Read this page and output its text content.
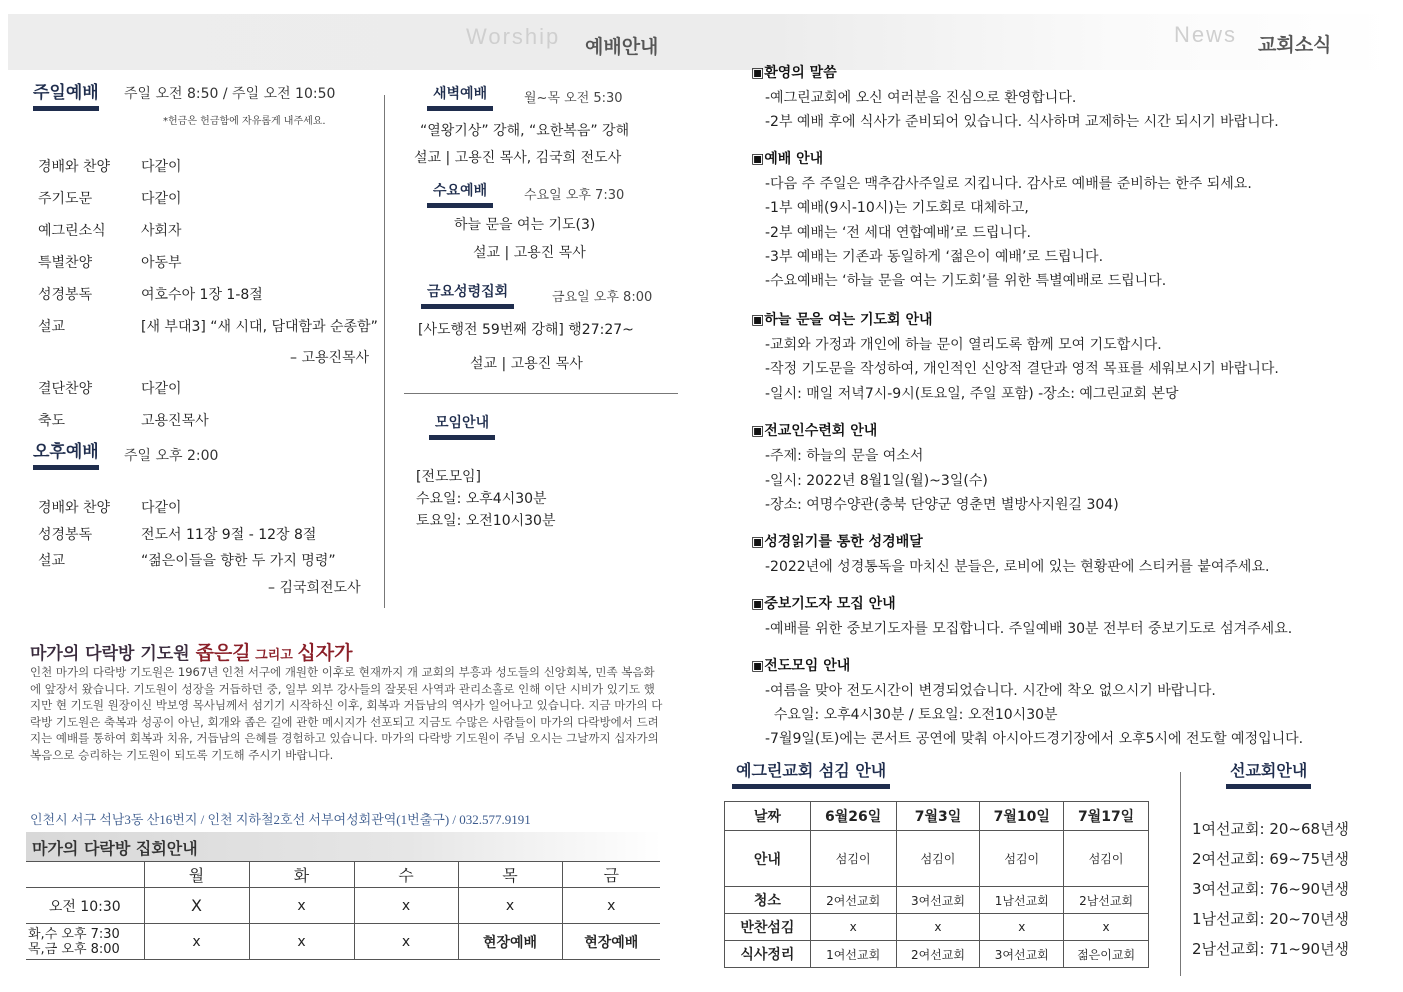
Worship 예배안내	News 교회소식
주일예배 주일 오전 8:50 / 주일 오전 10:50
*헌금은 헌금함에 자유롭게 내주세요.
경배와 찬양 다같이
주기도문	다같이
예그린소식	사회자
특별찬양	아동부
성경봉독	여호수아 1장 1-8절
설교	[새 부대3] “새 시대, 담대함과 순종함”
– 고용진목사
결단찬양	다같이
축도	고용진목사
오후예배 주일 오후 2:00
경배와 찬양 다같이
성경봉독	전도서 11장 9절 - 12장 8절
설교	“젊은이들을 향한 두 가지 명령”
– 김국희전도사
새벽예배	월~목 오전 5:30
“열왕기상” 강해, “요한복음” 강해
설교 | 고용진 목사, 김국희 전도사
수요예배	수요일 오후 7:30
하늘 문을 여는 기도(3)
설교 | 고용진 목사
금요성령집회	금요일 오후 8:00
[사도행전 59번째 강해] 행27:27~
설교 | 고용진 목사
모임안내
[전도모임]
수요일: 오후4시30분
토요일: 오전10시30분
▣환영의 말씀
-예그린교회에 오신 여러분을 진심으로 환영합니다.
-2부 예배 후에 식사가 준비되어 있습니다. 식사하며 교제하는 시간 되시기 바랍니다.
▣예배 안내
-다음 주 주일은 맥추감사주일로 지킵니다. 감사로 예배를 준비하는 한주 되세요.
-1부 예배(9시-10시)는 기도회로 대체하고,
-2부 예배는 ‘전 세대 연합예배’로 드립니다.
-3부 예배는 기존과 동일하게 ‘젊은이 예배’로 드립니다.
-수요예배는 ‘하늘 문을 여는 기도회’를 위한 특별예배로 드립니다.
▣하늘 문을 여는 기도회 안내
-교회와 가정과 개인에 하늘 문이 열리도록 함께 모여 기도합시다.
-작정 기도문을 작성하여, 개인적인 신앙적 결단과 영적 목표를 세워보시기 바랍니다.
-일시: 매일 저녁7시-9시(토요일, 주일 포함) -장소: 예그린교회 본당
▣전교인수련회 안내
-주제: 하늘의 문을 여소서
-일시: 2022년 8월1일(월)~3일(수)
-장소: 여명수양관(충북 단양군 영춘면 별방사지원길 304)
▣성경읽기를 통한 성경배달
-2022년에 성경통독을 마치신 분들은, 로비에 있는 현황판에 스티커를 붙여주세요.
▣중보기도자 모집 안내
-예배를 위한 중보기도자를 모집합니다. 주일예배 30분 전부터 중보기도로 섬겨주세요.
▣전도모임 안내
-여름을 맞아 전도시간이 변경되었습니다. 시간에 착오 없으시기 바랍니다.
수요일: 오후4시30분 / 토요일: 오전10시30분
-7월9일(토)에는 콘서트 공연에 맞춰 아시아드경기장에서 오후5시에 전도할 예정입니다.
마가의 다락방 기도원 좁은길 그리고 십자가
인천 마가의 다락방 기도원은 1967년 인천 서구에 개원한 이후로 현재까지 개 교회의 부흥과 성도들의 신앙회복, 민족 복음화에 앞장서 왔습니다. 기도원이 성장을 거듭하던 중, 일부 외부 강사들의 잘못된 사역과 관리소홀로 인해 이단 시비가 있기도 했지만 현 기도원 원장이신 박보영 목사님께서 섬기기 시작하신 이후, 회복과 거듭남의 역사가 일어나고 있습니다. 지금 마가의 다락방 기도원은 축복과 성공이 아닌, 회개와 좁은 길에 관한 메시지가 선포되고 지금도 수많은 사람들이 마가의 다락방에서 드려지는 예배를 통하여 회복과 치유, 거듭남의 은혜를 경험하고 있습니다. 마가의 다락방 기도원이 주님 오시는 그날까지 십자가의 복음으로 승리하는 기도원이 되도록 기도해 주시기 바랍니다.
인천시 서구 석남3동 산16번지 / 인천 지하철2호선 서부여성회관역(1번출구) / 032.577.9191
마가의 다락방 집회안내
	월	화	수	목	금
오전 10:30	X	x	x	x	x
화,수 오후 7:30
목,금 오후 8:00	x	x	x	현장예배	현장예배
예그린교회 섬김 안내
날짜	6월26일	7월3일	7월10일	7월17일
안내	섬김이	섬김이	섬김이	섬김이
청소	2여선교회	3여선교회	1남선교회	2남선교회
반찬섬김	x	x	x	x
식사정리	1여선교회	2여선교회	3여선교회	젊은이교회
선교회안내
1여선교회: 20~68년생
2여선교회: 69~75년생
3여선교회: 76~90년생
1남선교회: 20~70년생
2남선교회: 71~90년생
